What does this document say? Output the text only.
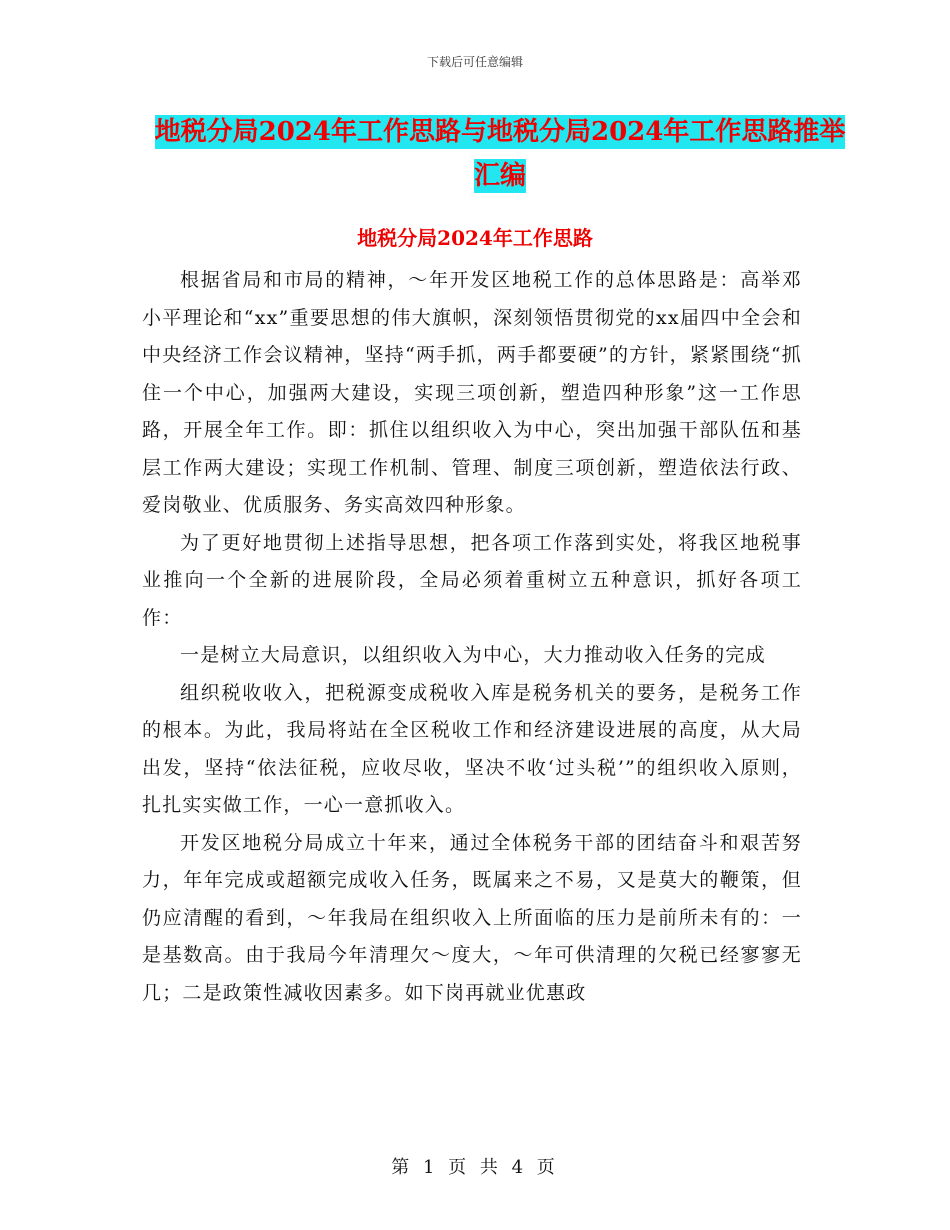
下载后可任意编辑
地税分局2024年工作思路与地税分局2024年工作思路推举汇编
地税分局2024年工作思路

根据省局和市局的精神，～年开发区地税工作的总体思路是：高举邓小平理论和“xx”重要思想的伟大旗帜，深刻领悟贯彻党的xx届四中全会和中央经济工作会议精神，坚持“两手抓，两手都要硬”的方针，紧紧围绕“抓住一个中心，加强两大建设，实现三项创新，塑造四种形象”这一工作思路，开展全年工作。即：抓住以组织收入为中心，突出加强干部队伍和基层工作两大建设；实现工作机制、管理、制度三项创新，塑造依法行政、爱岗敬业、优质服务、务实高效四种形象。

为了更好地贯彻上述指导思想，把各项工作落到实处，将我区地税事业推向一个全新的进展阶段，全局必须着重树立五种意识，抓好各项工作：

一是树立大局意识，以组织收入为中心，大力推动收入任务的完成

组织税收收入，把税源变成税收入库是税务机关的要务，是税务工作的根本。为此，我局将站在全区税收工作和经济建设进展的高度，从大局出发，坚持“依法征税，应收尽收，坚决不收‘过头税’”的组织收入原则，扎扎实实做工作，一心一意抓收入。

开发区地税分局成立十年来，通过全体税务干部的团结奋斗和艰苦努力，年年完成或超额完成收入任务，既属来之不易，又是莫大的鞭策，但仍应清醒的看到，～年我局在组织收入上所面临的压力是前所未有的：一是基数高。由于我局今年清理欠～度大，～年可供清理的欠税已经寥寥无几；二是政策性减收因素多。如下岗再就业优惠政

第 1 页 共 4 页
